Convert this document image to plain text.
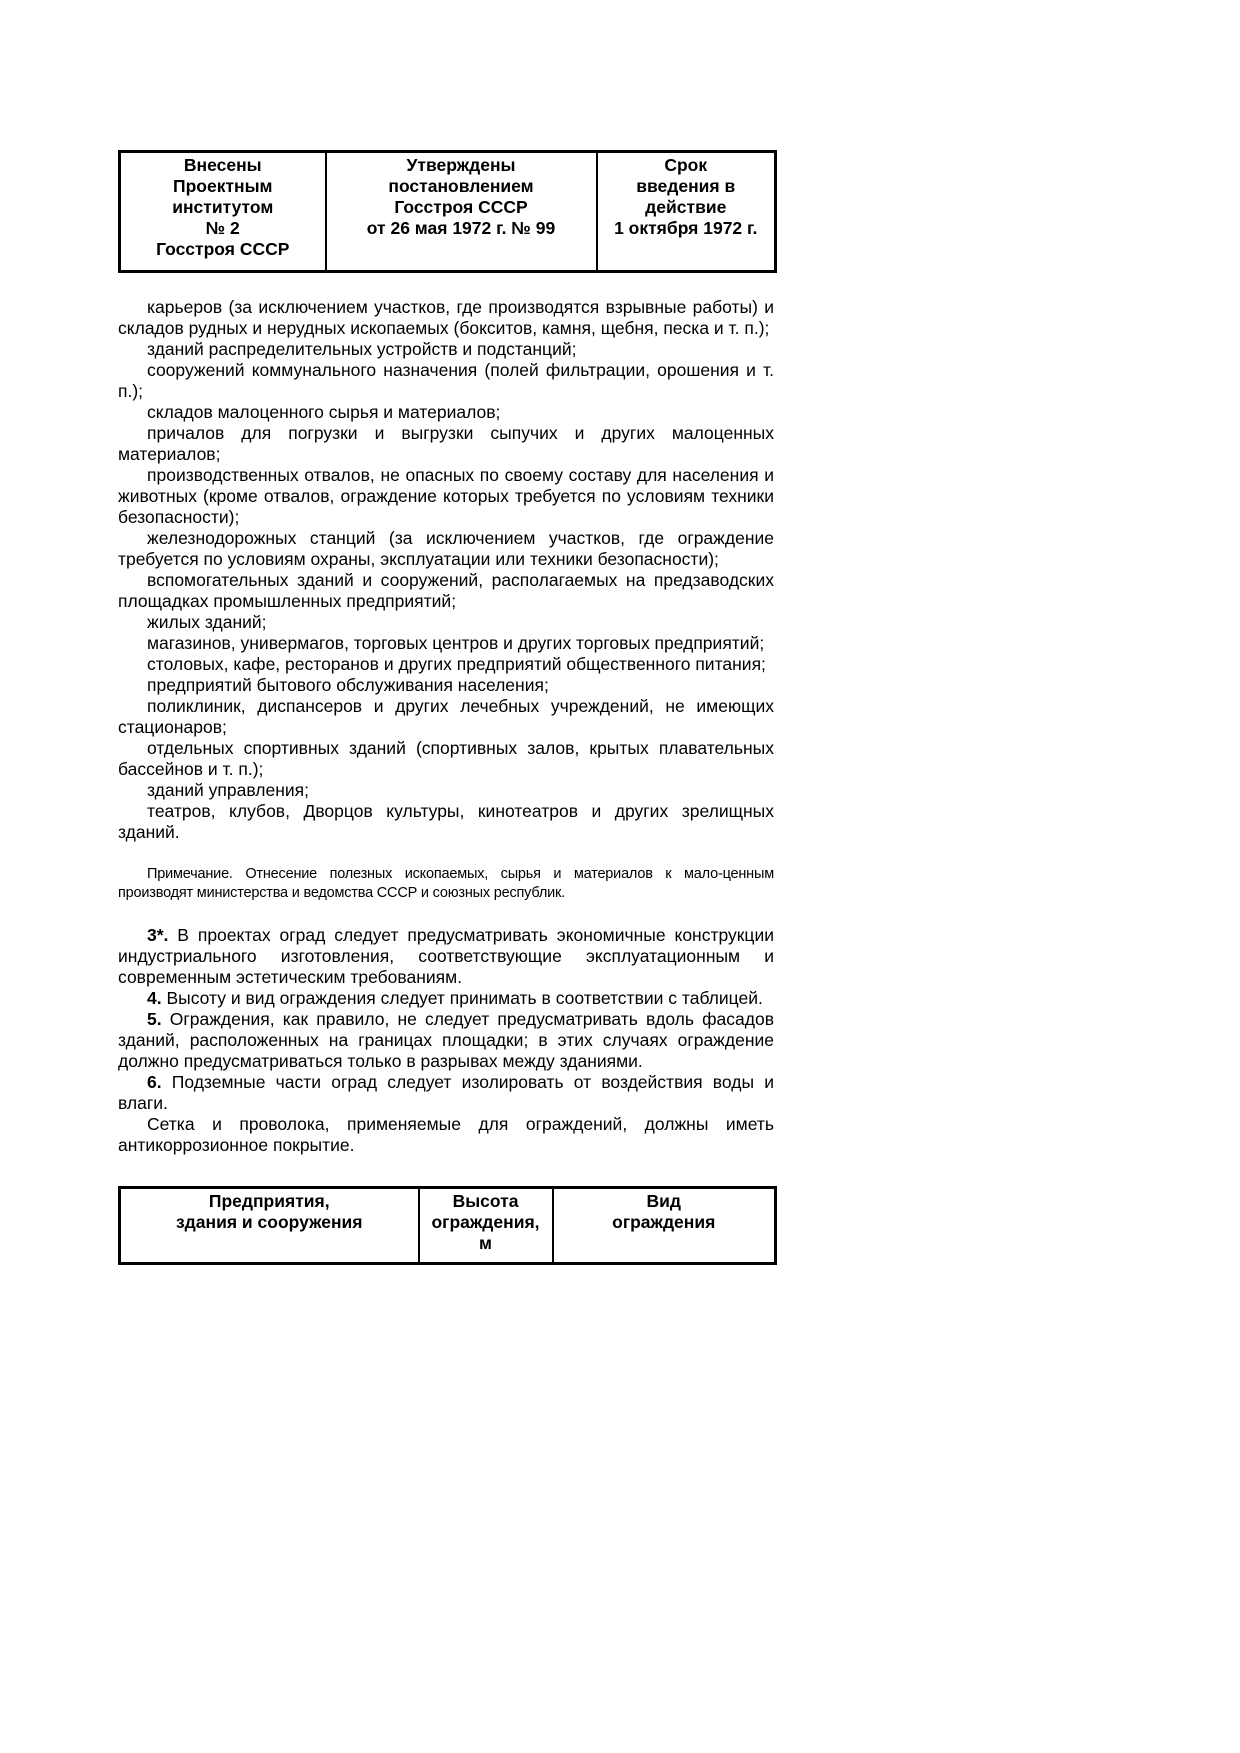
Внесены
Проектным
институтом
№ 2
Госстроя СССР

Утверждены
постановлением
Госстроя СССР
от 26 мая 1972 г. № 99

Срок
введения в
действие
1 октября 1972 г.

карьеров (за исключением участков, где производятся взрывные работы) и складов рудных и нерудных ископаемых (бокситов, камня, щебня, песка и т. п.);

зданий распределительных устройств и подстанций;

сооружений коммунального назначения (полей фильтрации, орошения и т. п.);

складов малоценного сырья и материалов;

причалов для погрузки и выгрузки сыпучих и других малоценных материалов;

производственных отвалов, не опасных по своему составу для населения и животных (кроме отвалов, ограждение которых требуется по условиям техники безопасности);

железнодорожных станций (за исключением участков, где ограждение требуется по условиям охраны, эксплуатации или техники безопасности);

вспомогательных зданий и сооружений, располагаемых на предзаводских площадках промышленных предприятий;

жилых зданий;

магазинов, универмагов, торговых центров и других торговых предприятий;

столовых, кафе, ресторанов и других предприятий общественного питания;

предприятий бытового обслуживания населения;

поликлиник, диспансеров и других лечебных учреждений, не имеющих стационаров;

отдельных спортивных зданий (спортивных залов, крытых плавательных бассейнов и т. п.);

зданий управления;

театров, клубов, Дворцов культуры, кинотеатров и других зрелищных зданий.

Примечание. Отнесение полезных ископаемых, сырья и материалов к мало-ценным производят министерства и ведомства СССР и союзных республик.

3*. В проектах оград следует предусматривать экономичные конструкции индустриального изготовления, соответствующие эксплуатационным и современным эстетическим требованиям.

4. Высоту и вид ограждения следует принимать в соответствии с таблицей.

5. Ограждения, как правило, не следует предусматривать вдоль фасадов зданий, расположенных на границах площадки; в этих случаях ограждение должно предусматриваться только в разрывах между зданиями.

6. Подземные части оград следует изолировать от воздействия воды и влаги.

Сетка и проволока, применяемые для ограждений, должны иметь антикоррозионное покрытие.

Предприятия,
здания и сооружения

Высота
ограждения,
м

Вид
ограждения
